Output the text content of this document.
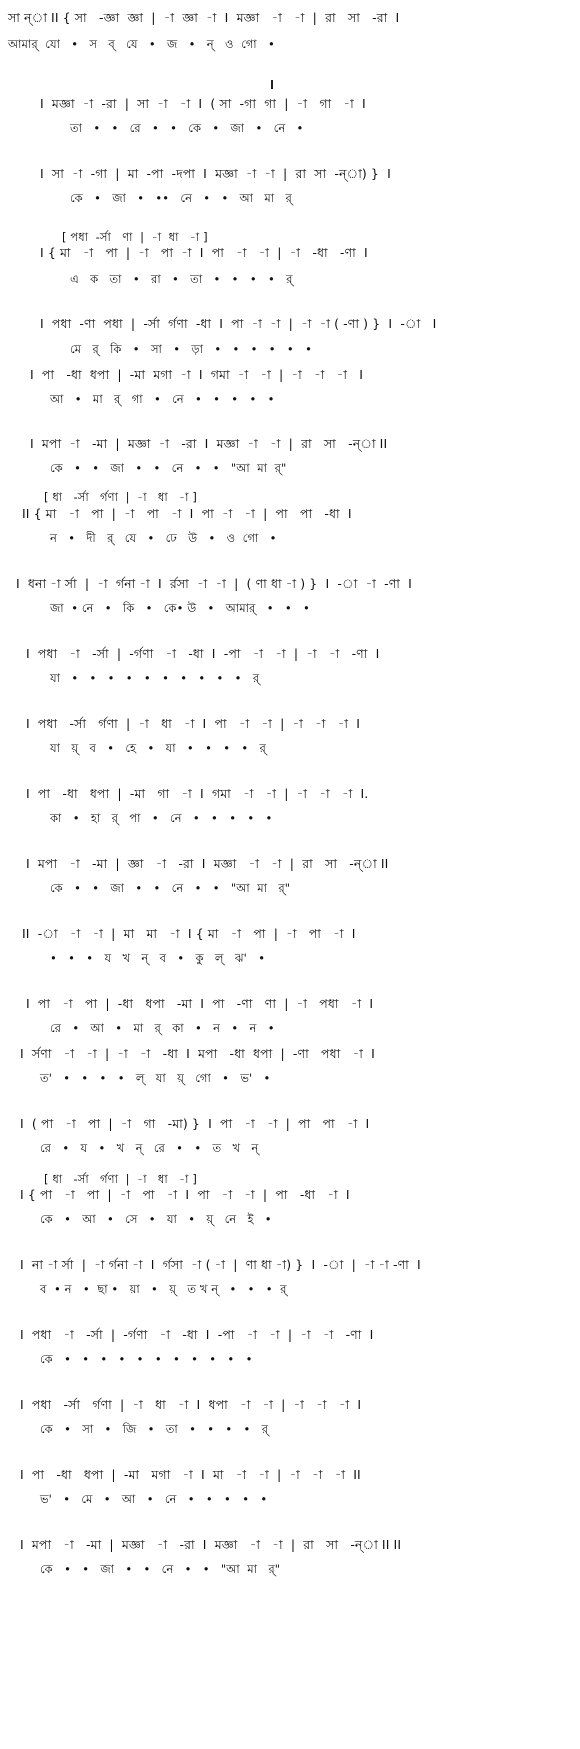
সা ন্‌া II { সা   -জ্ঞা  জ্ঞা  |  -া  জ্ঞা  -া  I  মজ্ঞা   -া   -া  |  রা   সা   -রা  I
আমার্‌  যো   •   স   ব্‌   যে   •   জ   •   ন্‌   ও  গো   •
I  মজ্ঞা  -া  -রা  |  সা  -া   -া  I  ( সা  -গা  গা  |  -া   গা   -া  I
তা   •   •   রে   •   •   কে   •   জা   •   নে   •
I  সা  -া  -গা  |  মা  -পা  -দপা  I  মজ্ঞা  -া  -া  |  রা  সা  -ন্‌া) }  I
কে   •   জা   •   ••   নে   •   •   আ   মা   র্‌
[ পধা  -র্সা   ণা  |  -া  ধা   -া ]
I { মা   -া   পা  |  -া   পা  -া  I  পা   -া   -া  |  -া   -ধা   -ণা  I
এ   ক   তা   •   রা   •   তা   •   •   •   •   র্‌
I  পধা  -ণা  পধা  |  -র্সা  র্গণা  -ধা  I  পা  -া  -া  |  -া  -া ( -ণা ) }  I  -া   I
মে   র্‌   কি   •   সা   •   ড়া   •   •   •   •   •   •
I  পা   -ধা  ধপা  |  -মা  মগা  -া  I  গমা  -া   -া  |  -া   -া   -া   I
আ   •   মা   র্‌   গা   •   নে   •   •   •   •   •
I  মপা  -া   -মা  |  মজ্ঞা  -া   -রা  I  মজ্ঞা  -া   -া  |  রা   সা   -ন্‌া II
কে   •   •   জা   •   •   নে   •   •   "আ  মা  র্‌"
[ ধা   -র্সা   র্গণা  |  -া   ধা   -া ]
II { মা   -া   পা  |  -া   পা   -া  I  পা  -া   -া  |  পা   পা   -ধা  I
ন   •   দী   র্‌   যে   •   ঢে   উ   •   ও  গো   •
I  ধনা -া র্সা  |  -া  র্গনা -া  I  র্রসা  -া  -া  |  ( ণা ধা -া ) }  I  -া  -া  -ণা  I
জা  • নে   •   কি   •   কে• উ   •   আমার্‌   •   •   •
I  পধা   -া   -র্সা  |  -র্গণা   -া   -ধা  I  -পা   -া   -া  |  -া   -া   -ণা  I
যা   •   •   •   •   •   •   •   •   •   •   র্‌
I  পধা   -র্সা   র্গণা  |  -া   ধা   -া  I  পা   -া   -া  |  -া   -া   -া  I
যা   য়্‌   ব   •   হে   •   যা   •   •   •   •   র্‌
I  পা   -ধা   ধপা  |  -মা   গা   -া  I  গমা   -া   -া  |  -া   -া   -া  I.
কা   •   হা   র্‌   পা   •   নে   •   •   •   •   •
I  মপা   -া   -মা  |  জ্ঞা   -া   -রা  I  মজ্ঞা   -া   -া  |  রা   সা   -ন্‌া II
কে   •   •   জা   •   •   নে   •   •   "আ  মা   র্‌"
II  -া   -া   -া  |  মা   মা   -া  I { মা   -া   পা  |  -া   পা   -া  I
•   •   •   য   খ   ন্‌   ব   •   কু   ল্‌   ঝ'   •
I  পা   -া   পা  |  -ধা   ধপা   -মা  I  পা   -ণা   ণা  |  -া   পধা   -া  I
রে   •   আ   •   মা   র্‌   কা   •   ন   •   ন   •
I  র্সণা   -া   -া  |  -া   -া   -ধা  I  মপা   -ধা  ধপা  |  -ণা   পধা   -া  I
ত'   •   •   •   •   ল্‌   যা   য়্‌   গো   •   ভ'   •
I  ( পা   -া   পা  |  -া   গা   -মা) }  I  পা   -া   -া  |  পা   পা   -া  I
রে   •   য   •   খ   ন্‌   রে   •   •   ত   খ   ন্‌
[ ধা   -র্সা   র্গণা  |  -া   ধা   -া ]
I { পা   -া   পা  |  -া   পা   -া  I  পা   -া   -া  |  পা   -ধা   -া  I
কে   •   আ   •   সে   •   যা   •   য়্‌   নে   ই   •
I  না -া র্সা  |  -া র্গনা -া  I  র্গসা  -া ( -া  |  ণা ধা -া) }  I  -া  |  -া -া -ণা  I
ব  • ন   •  ছা •   য়া   •   য়্‌   ত খ ন্‌   •   •   •  র্‌
I  পধা   -া   -র্সা  |  -র্গণা   -া   -ধা  I  -পা   -া   -া  |  -া   -া   -ণা  I
কে   •   •   •   •   •   •   •   •   •   •   •
I  পধা   -র্সা   র্গণা  |  -া   ধা   -া  I  ধপা   -া   -া  |  -া   -া   -া  I
কে   •   সা   •   জি   •   তা   •   •   •   •   র্‌
I  পা   -ধা   ধপা  |  -মা   মগা   -া  I  মা   -া   -া  |  -া   -া   -া  II
ভ'   •   মে   •   আ   •   নে   •   •   •   •   •
I  মপা   -া   -মা  |  মজ্ঞা   -া   -রা  I  মজ্ঞা   -া   -া  |  রা   সা   -ন্‌া II II
কে   •   •   জা   •   •   নে   •   •   "আ  মা   র্‌"
